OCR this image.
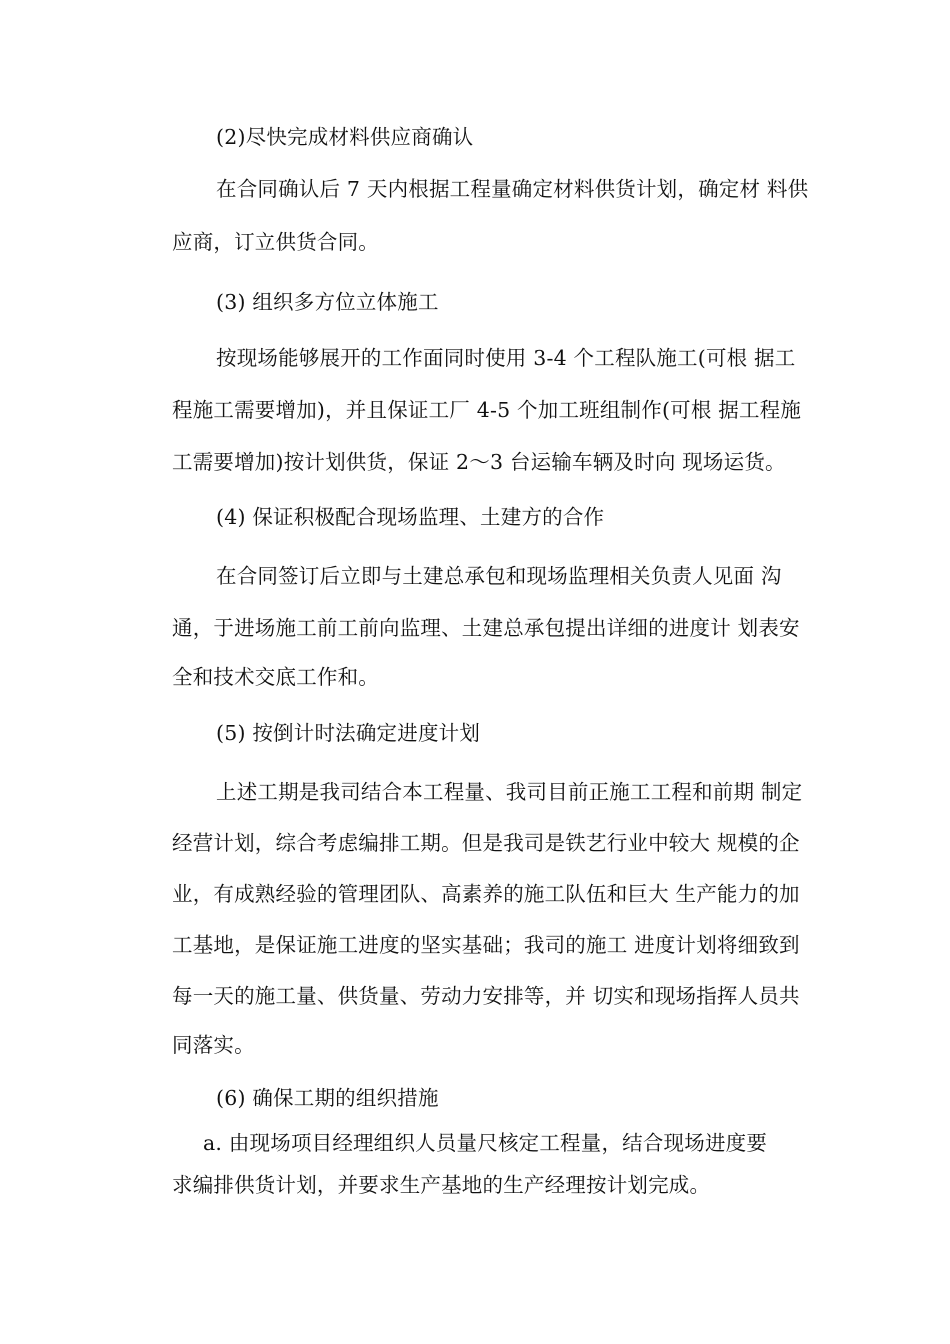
(2)尽快完成材料供应商确认
在合同确认后 7 天内根据工程量确定材料供货计划，确定材 料供
应商，订立供货合同。
(3) 组织多方位立体施工
按现场能够展开的工作面同时使用 3-4 个工程队施工(可根 据工
程施工需要增加)，并且保证工厂 4-5 个加工班组制作(可根 据工程施
工需要增加)按计划供货，保证 2〜3 台运输车辆及时向 现场运货。
(4) 保证积极配合现场监理、土建方的合作
在合同签订后立即与土建总承包和现场监理相关负责人见面 沟
通，于进场施工前工前向监理、土建总承包提出详细的进度计 划表安
全和技术交底工作和。
(5) 按倒计时法确定进度计划
上述工期是我司结合本工程量、我司目前正施工工程和前期 制定
经营计划，综合考虑编排工期。但是我司是铁艺行业中较大 规模的企
业，有成熟经验的管理团队、高素养的施工队伍和巨大 生产能力的加
工基地，是保证施工进度的坚实基础；我司的施工 进度计划将细致到
每一天的施工量、供货量、劳动力安排等，并 切实和现场指挥人员共
同落实。
(6) 确保工期的组织措施
a. 由现场项目经理组织人员量尺核定工程量，结合现场进度要
求编排供货计划，并要求生产基地的生产经理按计划完成。
